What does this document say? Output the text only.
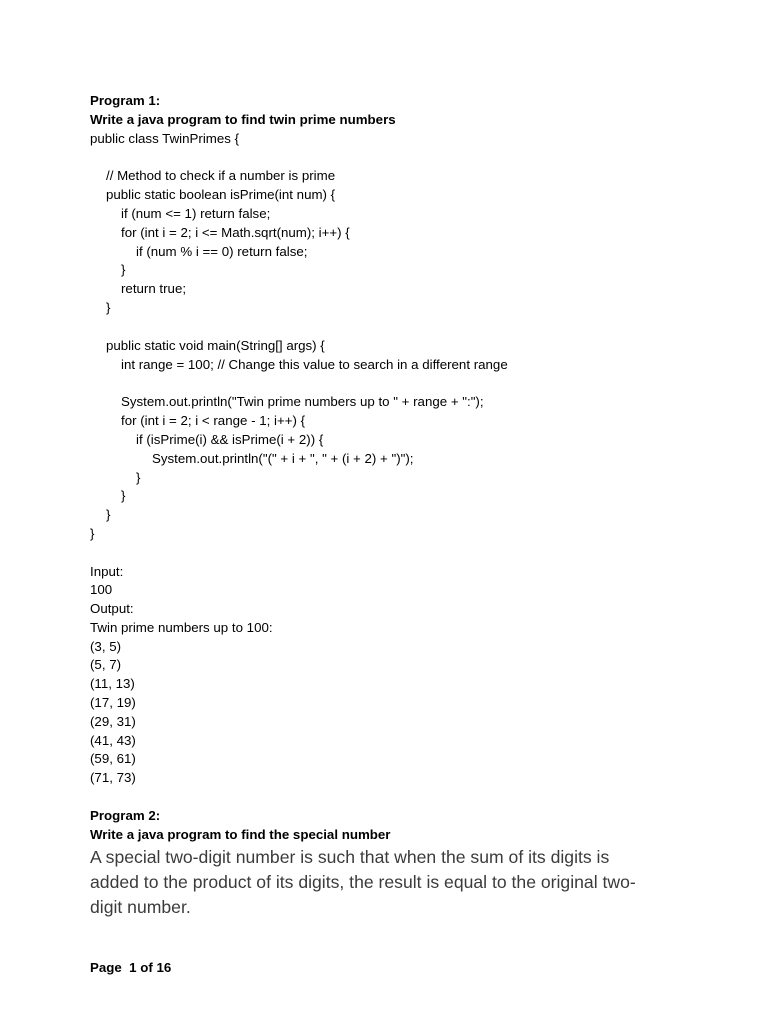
Program 1:
Write a java program to find twin prime numbers
public class TwinPrimes {
// Method to check if a number is prime
public static boolean isPrime(int num) {
if (num <= 1) return false;
for (int i = 2; i <= Math.sqrt(num); i++) {
if (num % i == 0) return false;
}
return true;
}
public static void main(String[] args) {
int range = 100; // Change this value to search in a different range
System.out.println("Twin prime numbers up to " + range + ":");
for (int i = 2; i < range - 1; i++) {
if (isPrime(i) && isPrime(i + 2)) {
System.out.println("(" + i + ", " + (i + 2) + ")");
}
}
}
}
Input:
100
Output:
Twin prime numbers up to 100:
(3, 5)
(5, 7)
(11, 13)
(17, 19)
(29, 31)
(41, 43)
(59, 61)
(71, 73)
Program 2:
Write a java program to find the special number
A special two-digit number is such that when the sum of its digits is added to the product of its digits, the result is equal to the original two-digit number.
Page  1 of 16
